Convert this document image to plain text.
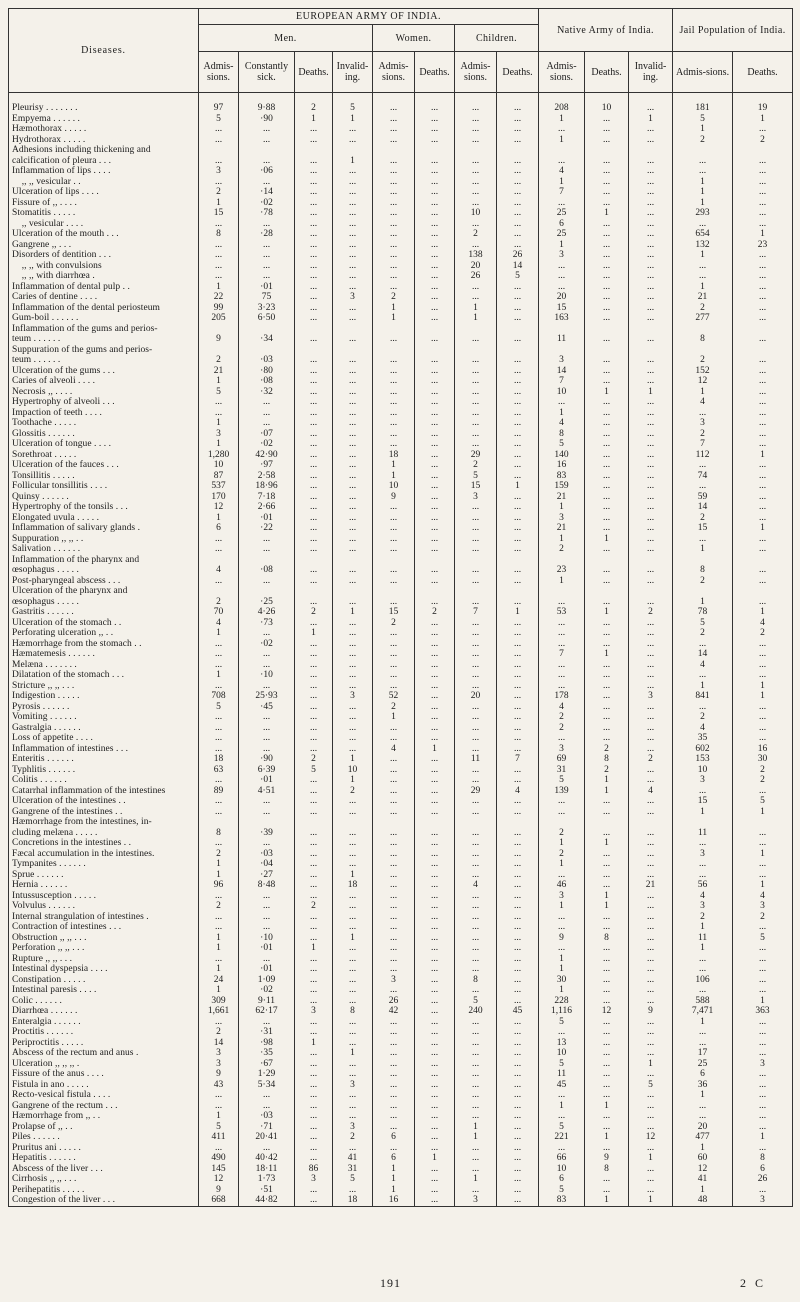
Diseases.	EUROPEAN ARMY OF INDIA.								Native Army of India.			Jail Population of India.	
	Men.				Women.		Children.						
	Admis-sions.	Constantly sick.	Deaths.	Invalid-ing.	Admis-sions.	Deaths.	Admis-sions.	Deaths.	Admis-sions.	Deaths.	Invalid-ing.	Admis-sions.	Deaths.

Pleurisy . . . . . . .	97	9·88	2	5	...	...	...	...	208	10	...	181	19
Empyema . . . . . .	5	·90	1	1	...	...	...	...	1	...	1	5	1
Hæmothorax . . . . .	...	...	...	...	...	...	...	...	...	...	...	1	...
Hydrothorax . . . . .	...	...	...	...	...	...	...	...	1	...	...	2	2
Adhesions including thickening and													
calcification of pleura . . .	...	...	...	1	...	...	...	...	...	...	...	...	...
Inflammation of lips . . . .	3	·06	...	...	...	...	...	...	4	...	...	...	...
,, ,, vesicular . .	...	...	...	...	...	...	...	...	1	...	...	1	...
Ulceration of lips . . . .	2	·14	...	...	...	...	...	...	7	...	...	1	...
Fissure of ,, . . . .	1	·02	...	...	...	...	...	...	...	...	...	1	...
Stomatitis . . . . .	15	·78	...	...	...	...	10	...	25	1	...	293	...
,, vesicular . . . .	...	...	...	...	...	...	...	...	6	...	...	...	...
Ulceration of the mouth . . .	8	·28	...	...	...	...	2	...	25	...	...	654	1
Gangrene ,, . . .	...	...	...	...	...	...	...	...	1	...	...	132	23
Disorders of dentition . . .	...	...	...	...	...	...	138	26	3	...	...	1	...
,, ,, with convulsions	...	...	...	...	...	...	20	14	...	...	...	...	...
,, ,, with diarrhœa .	...	...	...	...	...	...	26	5	...	...	...	...	...
Inflammation of dental pulp . .	1	·01	...	...	...	...	...	...	...	...	...	1	...
Caries of dentine . . . .	22	75	...	3	2	...	...	...	20	...	...	21	...
Inflammation of the dental periosteum	99	3·23	...	...	1	...	1	...	15	...	...	2	...
Gum-boil . . . . . .	205	6·50	...	...	1	...	1	...	163	...	...	277	...
Inflammation of the gums and perios-													
teum . . . . . .	9	·34	...	...	...	...	...	...	11	...	...	8	...
Suppuration of the gums and perios-													
teum . . . . . .	2	·03	...	...	...	...	...	...	3	...	...	2	...
Ulceration of the gums . . .	21	·80	...	...	...	...	...	...	14	...	...	152	...
Caries of alveoli . . . .	1	·08	...	...	...	...	...	...	7	...	...	12	...
Necrosis ,, . . . .	5	·32	...	...	...	...	...	...	10	1	1	1	...
Hypertrophy of alveoli . . .	...	...	...	...	...	...	...	...	...	...	...	4	...
Impaction of teeth . . . .	...	...	...	...	...	...	...	...	1	...	...	...	...
Toothache . . . . .	1	...	...	...	...	...	...	...	4	...	...	3	...
Glossitis . . . . . .	3	·07	...	...	...	...	...	...	8	...	...	2	...
Ulceration of tongue . . . .	1	·02	...	...	...	...	...	...	5	...	...	7	...
Sorethroat . . . . .	1,280	42·90	...	...	18	...	29	...	140	...	...	112	1
Ulceration of the fauces . . .	10	·97	...	...	1	...	2	...	16	...	...	...	...
Tonsillitis . . . . .	87	2·58	...	...	1	...	5	...	83	...	...	74	...
Follicular tonsillitis . . . .	537	18·96	...	...	10	...	15	1	159	...	...	...	...
Quinsy . . . . . .	170	7·18	...	...	9	...	3	...	21	...	...	59	...
Hypertrophy of the tonsils . . .	12	2·66	...	...	...	...	...	...	1	...	...	14	...
Elongated uvula . . . . .	1	·01	...	...	...	...	...	...	3	...	...	2	...
Inflammation of salivary glands .	6	·22	...	...	...	...	...	...	21	...	...	15	1
Suppuration ,, ,, . .	...	...	...	...	...	...	...	...	1	1	...	...	...
Salivation . . . . . .	...	...	...	...	...	...	...	...	2	...	...	1	...
Inflammation of the pharynx and													
œsophagus . . . . .	4	·08	...	...	...	...	...	...	23	...	...	8	...
Post-pharyngeal abscess . . .	...	...	...	...	...	...	...	...	1	...	...	2	...
Ulceration of the pharynx and													
œsophagus . . . . .	2	·25	...	...	...	...	...	...	...	...	...	1	...
Gastritis . . . . . .	70	4·26	2	1	15	2	7	1	53	1	2	78	1
Ulceration of the stomach . .	4	·73	...	...	2	...	...	...	...	...	...	5	4
Perforating ulceration ,, . .	1	...	1	...	...	...	...	...	...	...	...	2	2
Hæmorrhage from the stomach . .	...	·02	...	...	...	...	...	...	...	...	...	...	...
Hæmatemesis . . . . . .	...	...	...	...	...	...	...	...	7	1	...	14	...
Melæna . . . . . . .	...	...	...	...	...	...	...	...	...	...	...	4	...
Dilatation of the stomach . . .	1	·10	...	...	...	...	...	...	...	...	...	...	...
Stricture ,, ,, . . .	...	...	...	...	...	...	...	...	...	...	...	1	1
Indigestion . . . . .	708	25·93	...	3	52	...	20	...	178	...	3	841	1
Pyrosis . . . . . .	5	·45	...	...	2	...	...	...	4	...	...	...	...
Vomiting . . . . . .	...	...	...	...	1	...	...	...	2	...	...	2	...
Gastralgia . . . . . .	...	...	...	...	...	...	...	...	2	...	...	4	...
Loss of appetite . . . .	...	...	...	...	...	...	...	...	...	...	...	35	...
Inflammation of intestines . . .	...	...	...	...	4	1	...	...	3	2	...	602	16
Enteritis . . . . . .	18	·90	2	1	...	...	11	7	69	8	2	153	30
Typhlitis . . . . . .	63	6·39	5	10	...	...	...	...	31	2	...	10	2
Colitis . . . . . .	...	·01	...	1	...	...	...	...	5	1	...	3	2
Catarrhal inflammation of the intestines	89	4·51	...	2	...	...	29	4	139	1	4	...	...
Ulceration of the intestines . .	...	...	...	...	...	...	...	...	...	...	...	15	5
Gangrene of the intestines . .	...	...	...	...	...	...	...	...	...	...	...	1	1
Hæmorrhage from the intestines, in-													
cluding melæna . . . . .	8	·39	...	...	...	...	...	...	2	...	...	11	...
Concretions in the intestines . .	...	...	...	...	...	...	...	...	1	1	...	...	...
Fæcal accumulation in the intestines.	2	·03	...	...	...	...	...	...	2	...	...	3	1
Tympanites . . . . . .	1	·04	...	...	...	...	...	...	1	...	...	...	...
Sprue . . . . . .	1	·27	...	1	...	...	...	...	...	...	...	...	...
Hernia . . . . . .	96	8·48	...	18	...	...	4	...	46	...	21	56	1
Intussusception . . . . .	...	...	...	...	...	...	...	...	3	1	...	4	4
Volvulus . . . . . .	2	...	2	...	...	...	...	...	1	1	...	3	3
Internal strangulation of intestines .	...	...	...	...	...	...	...	...	...	...	...	2	2
Contraction of intestines . . .	...	...	...	...	...	...	...	...	...	...	...	1	...
Obstruction ,, ,, . . .	1	·10	...	1	...	...	...	...	9	8	...	11	5
Perforation ,, ,, . . .	1	·01	1	...	...	...	...	...	...	...	...	1	...
Rupture ,, ,, . . .	...	...	...	...	...	...	...	...	1	...	...	...	...
Intestinal dyspepsia . . . .	1	·01	...	...	...	...	...	...	1	...	...	...	...
Constipation . . . . .	24	1·09	...	...	3	...	8	...	30	...	...	106	...
Intestinal paresis . . . .	1	·02	...	...	...	...	...	...	1	...	...	...	...
Colic . . . . . .	309	9·11	...	...	26	...	5	...	228	...	...	588	1
Diarrhœa . . . . . .	1,661	62·17	3	8	42	...	240	45	1,116	12	9	7,471	363
Enteralgia . . . . . .	...	...	...	...	...	...	...	...	5	...	...	1	...
Proctitis . . . . . .	2	·31	...	...	...	...	...	...	...	...	...	...	...
Periproctitis . . . . .	14	·98	1	...	...	...	...	...	13	...	...	...	...
Abscess of the rectum and anus .	3	·35	...	1	...	...	...	...	10	...	...	17	...
Ulceration ,, ,, ,, .	3	·67	...	...	...	...	...	...	5	...	1	25	3
Fissure of the anus . . . .	9	1·29	...	...	...	...	...	...	11	...	...	6	...
Fistula in ano . . . . .	43	5·34	...	3	...	...	...	...	45	...	5	36	...
Recto-vesical fistula . . . .	...	...	...	...	...	...	...	...	...	...	...	1	...
Gangrene of the rectum . . .	...	...	...	...	...	...	...	...	1	1	...	...	...
Hæmorrhage from ,, . .	1	·03	...	...	...	...	...	...	...	...	...	...	...
Prolapse of ,, . .	5	·71	...	3	...	...	1	...	5	...	...	20	...
Piles . . . . . .	411	20·41	...	2	6	...	1	...	221	1	12	477	1
Pruritus ani . . . . .	...	...	...	...	...	...	...	...	...	...	...	1	...
Hepatitis . . . . . .	490	40·42	...	41	6	1	...	...	66	9	1	60	8
Abscess of the liver . . .	145	18·11	86	31	1	...	...	...	10	8	...	12	6
Cirrhosis ,, ,, . . .	12	1·73	3	5	1	...	1	...	6	...	...	41	26
Perihepatitis . . . . .	9	·51	...	...	1	...	...	...	5	...	...	1	...
Congestion of the liver . . .	668	44·82	...	18	16	...	3	...	83	1	1	48	3
191	2 C
